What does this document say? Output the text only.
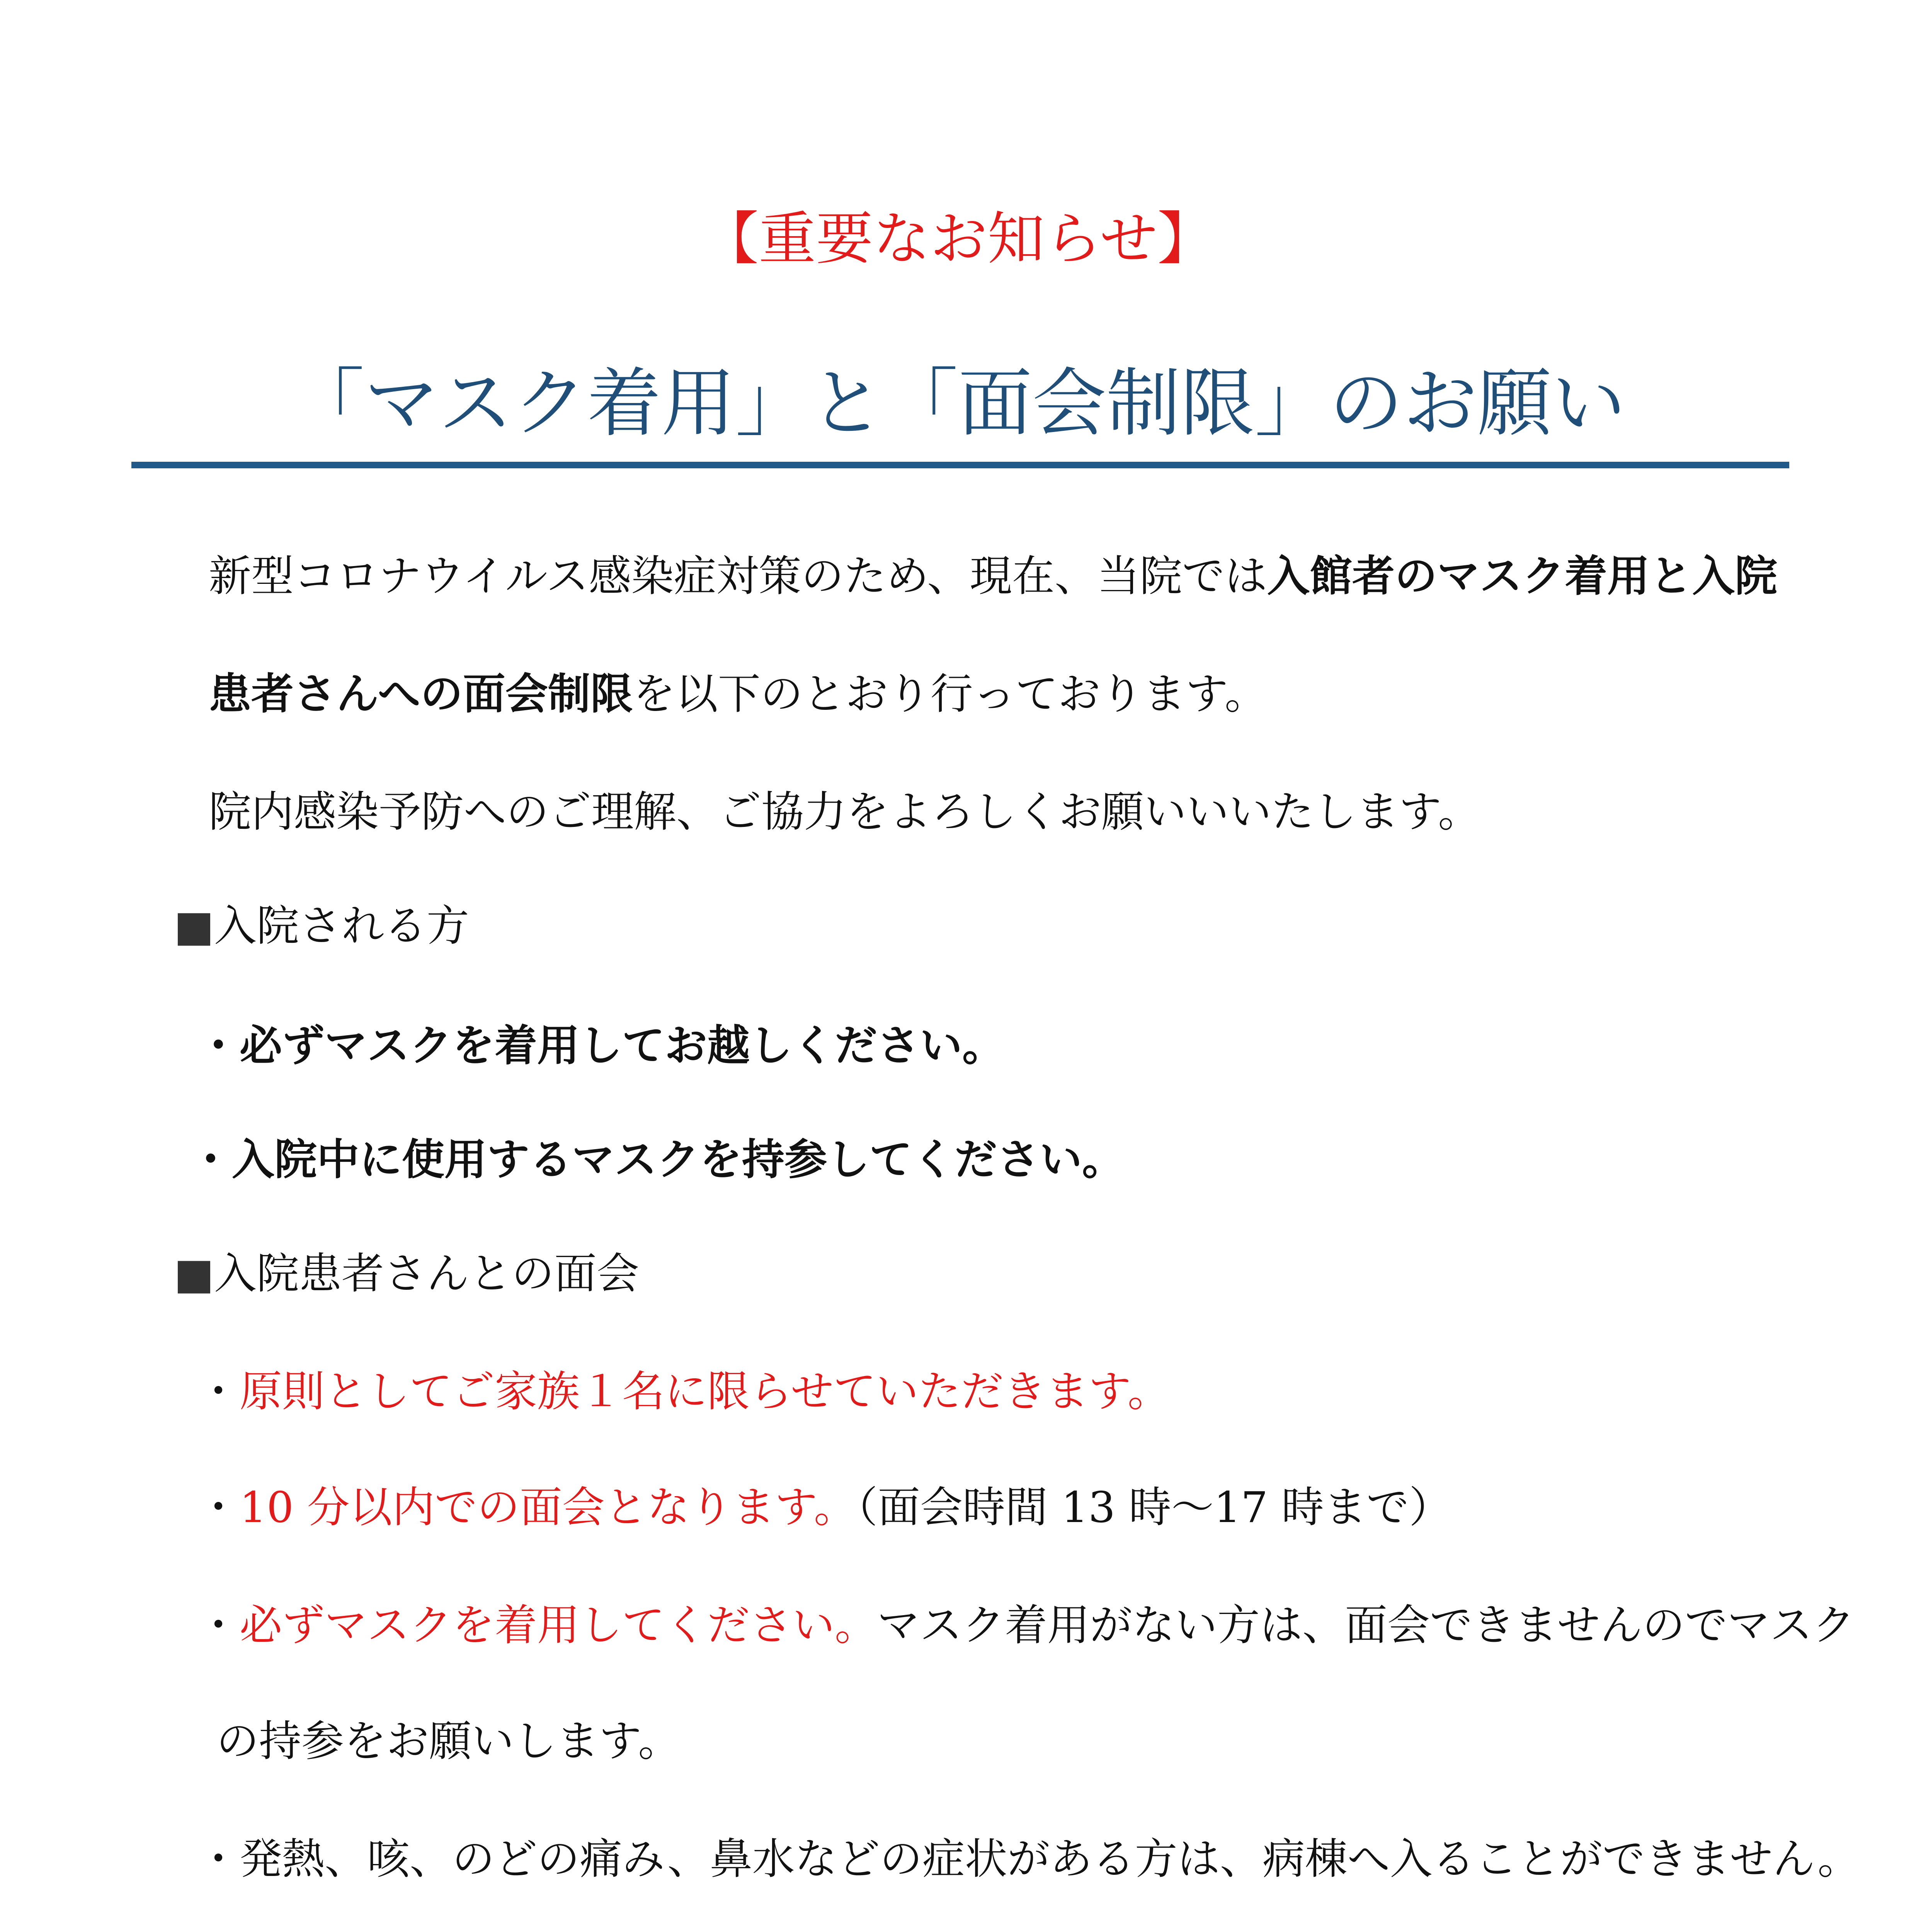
【重要なお知らせ】
「マスク着用」と「面会制限」のお願い
新型コロナウイルス感染症対策のため、現在、当院では入館者のマスク着用と入院
患者さんへの面会制限を以下のとおり行っております。
院内感染予防へのご理解、ご協力をよろしくお願いいいたします。
■入院される方
・必ずマスクを着用してお越しください。
・入院中に使用するマスクを持参してください。
■入院患者さんとの面会
・原則としてご家族１名に限らせていただきます。
・10 分以内での面会となります。（面会時間 13 時～17 時まで）
・必ずマスクを着用してください。マスク着用がない方は、面会できませんのでマスク
の持参をお願いします。
・発熱、咳、のどの痛み、鼻水などの症状がある方は、病棟へ入ることができません。
